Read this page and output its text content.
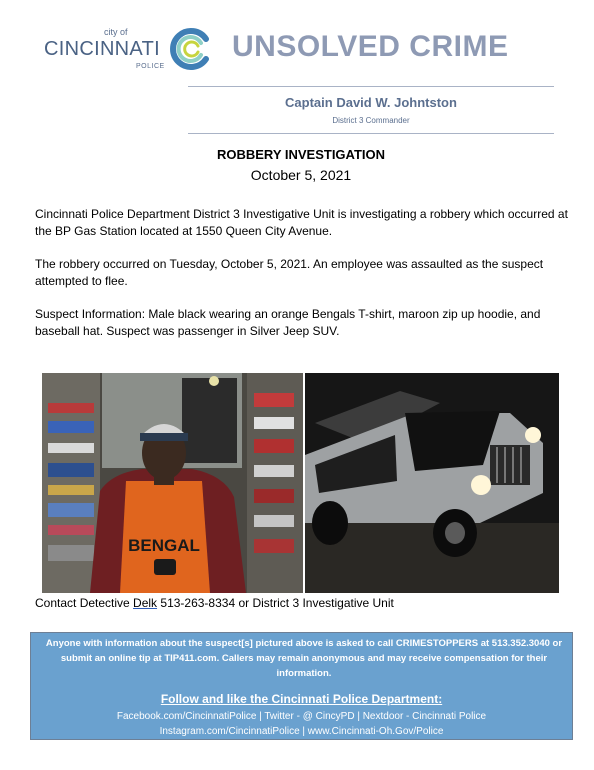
city of
CINCINNATI
POLICE
UNSOLVED CRIME
Captain David W. Johntston
District 3 Commander
ROBBERY INVESTIGATION
October 5, 2021
Cincinnati Police Department District 3 Investigative Unit is investigating a robbery which occurred at the BP Gas Station located at 1550 Queen City Avenue.
The robbery occurred on Tuesday, October 5, 2021. An employee was assaulted as the suspect attempted to flee.
Suspect Information: Male black wearing an orange Bengals T-shirt, maroon zip up hoodie, and baseball hat. Suspect was passenger in Silver Jeep SUV.
BENGAL
Contact Detective Delk 513-263-8334 or District 3 Investigative Unit
Anyone with information about the suspect[s] pictured above is asked to call CRIMESTOPPERS at 513.352.3040 or submit an online tip at TIP411.com. Callers may remain anonymous and may receive compensation for their information.
Follow and like the Cincinnati Police Department:
Facebook.com/CincinnatiPolice | Twitter - @ CincyPD | Nextdoor - Cincinnati Police
Instagram.com/CincinnatiPolice | www.Cincinnati-Oh.Gov/Police
